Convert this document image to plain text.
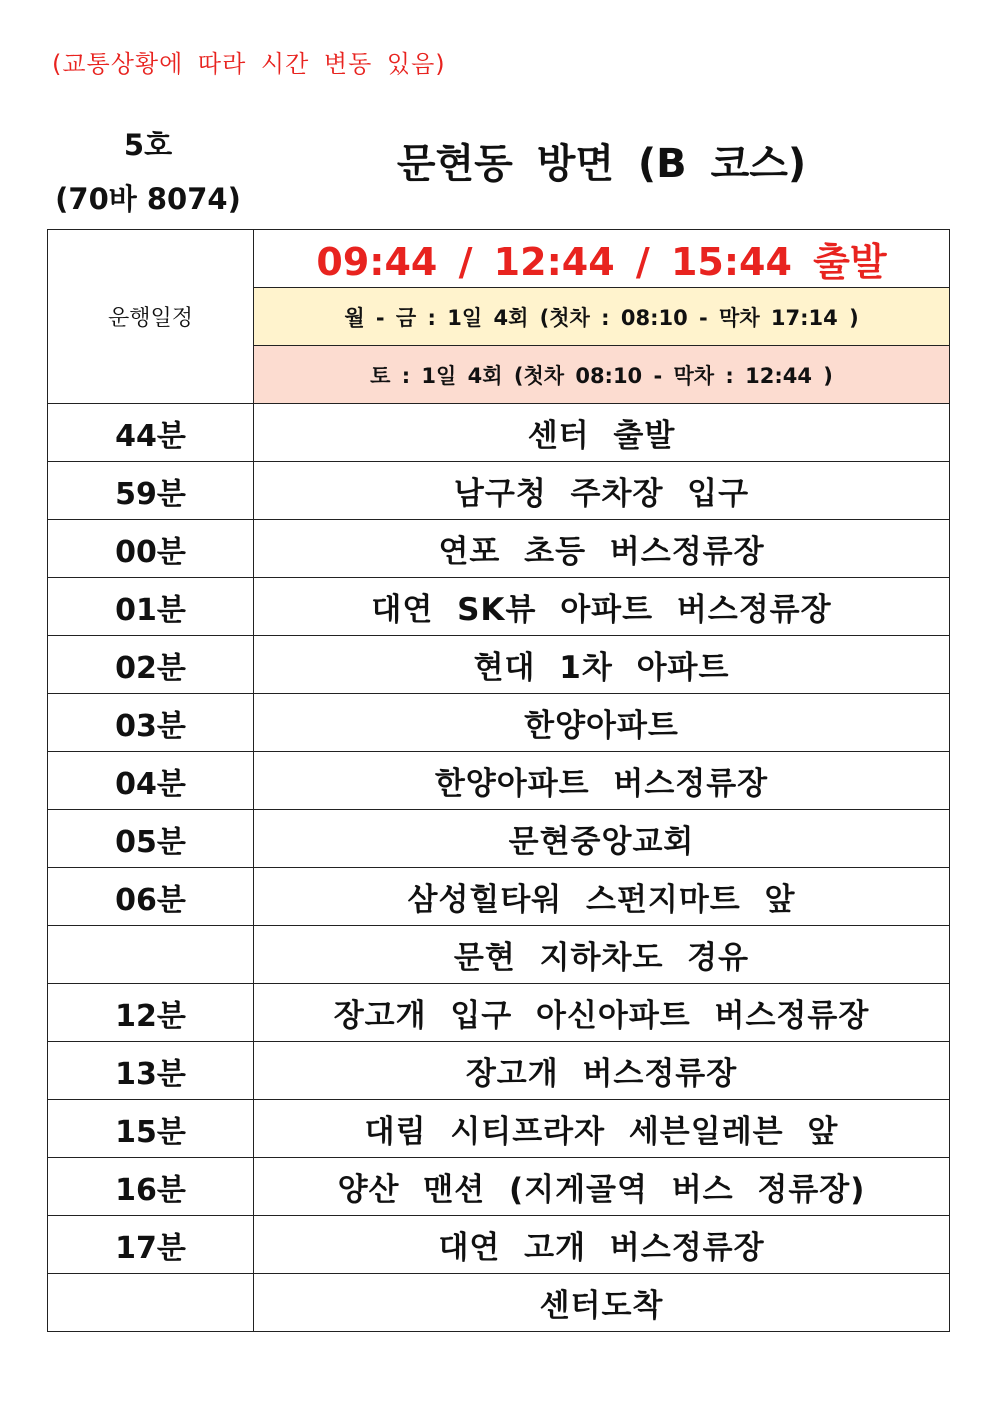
(교통상황에 따라 시간 변동 있음)
5호
(70바 8074)
문현동 방면 (B 코스)
운행일정	09:44 / 12:44 / 15:44 출발
	월 - 금 : 1일 4회 (첫차 : 08:10 - 막차 17:14 )
	토 : 1일 4회 (첫차 08:10 - 막차 : 12:44 )
44분	센터 출발
59분	남구청 주차장 입구
00분	연포 초등 버스정류장
01분	대연 SK뷰 아파트 버스정류장
02분	현대 1차 아파트
03분	한양아파트
04분	한양아파트 버스정류장
05분	문현중앙교회
06분	삼성힐타워 스펀지마트 앞
	문현 지하차도 경유
12분	장고개 입구 아신아파트 버스정류장
13분	장고개 버스정류장
15분	대림 시티프라자 세븐일레븐 앞
16분	양산 맨션 (지게골역 버스 정류장)
17분	대연 고개 버스정류장
	센터도착
